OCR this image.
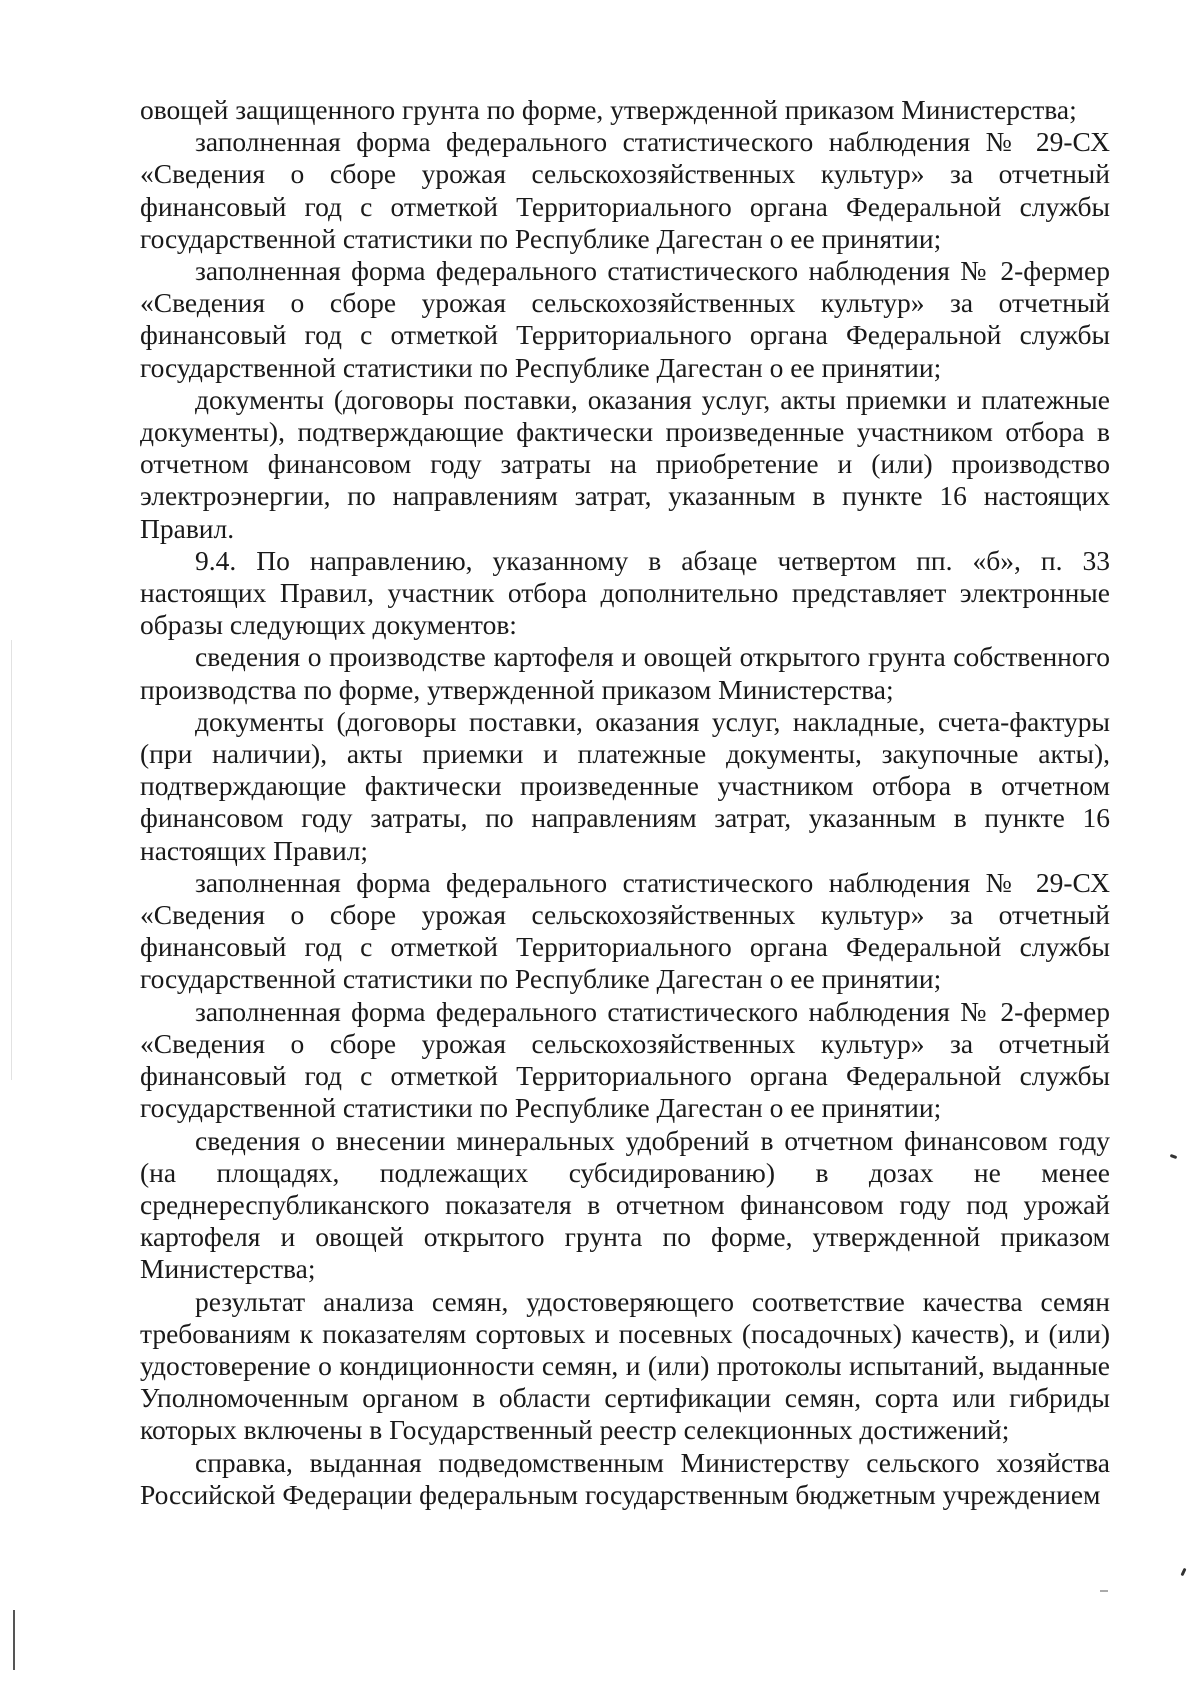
овощей защищенного грунта по форме, утвержденной приказом Министерства;

заполненная форма федерального статистического наблюдения № 29-СХ «Сведения о сборе урожая сельскохозяйственных культур» за отчетный финансовый год с отметкой Территориального органа Федеральной службы государственной статистики по Республике Дагестан о ее принятии;

заполненная форма федерального статистического наблюдения № 2-фермер «Сведения о сборе урожая сельскохозяйственных культур» за отчетный финансовый год с отметкой Территориального органа Федеральной службы государственной статистики по Республике Дагестан о ее принятии;

документы (договоры поставки, оказания услуг, акты приемки и платежные документы), подтверждающие фактически произведенные участником отбора в отчетном финансовом году затраты на приобретение и (или) производство электроэнергии, по направлениям затрат, указанным в пункте 16 настоящих Правил.

9.4. По направлению, указанному в абзаце четвертом пп. «б», п. 33 настоящих Правил, участник отбора дополнительно представляет электронные образы следующих документов:

сведения о производстве картофеля и овощей открытого грунта собственного производства по форме, утвержденной приказом Министерства;

документы (договоры поставки, оказания услуг, накладные, счета-фактуры (при наличии), акты приемки и платежные документы, закупочные акты), подтверждающие фактически произведенные участником отбора в отчетном финансовом году затраты, по направлениям затрат, указанным в пункте 16 настоящих Правил;

заполненная форма федерального статистического наблюдения № 29-СХ «Сведения о сборе урожая сельскохозяйственных культур» за отчетный финансовый год с отметкой Территориального органа Федеральной службы государственной статистики по Республике Дагестан о ее принятии;

заполненная форма федерального статистического наблюдения № 2-фермер «Сведения о сборе урожая сельскохозяйственных культур» за отчетный финансовый год с отметкой Территориального органа Федеральной службы государственной статистики по Республике Дагестан о ее принятии;

сведения о внесении минеральных удобрений в отчетном финансовом году (на площадях, подлежащих субсидированию) в дозах не менее среднереспубликанского показателя в отчетном финансовом году под урожай картофеля и овощей открытого грунта по форме, утвержденной приказом Министерства;

результат анализа семян, удостоверяющего соответствие качества семян требованиям к показателям сортовых и посевных (посадочных) качеств), и (или) удостоверение о кондиционности семян, и (или) протоколы испытаний, выданные Уполномоченным органом в области сертификации семян, сорта или гибриды которых включены в Государственный реестр селекционных достижений;

справка, выданная подведомственным Министерству сельского хозяйства Российской Федерации федеральным государственным бюджетным учреждением
